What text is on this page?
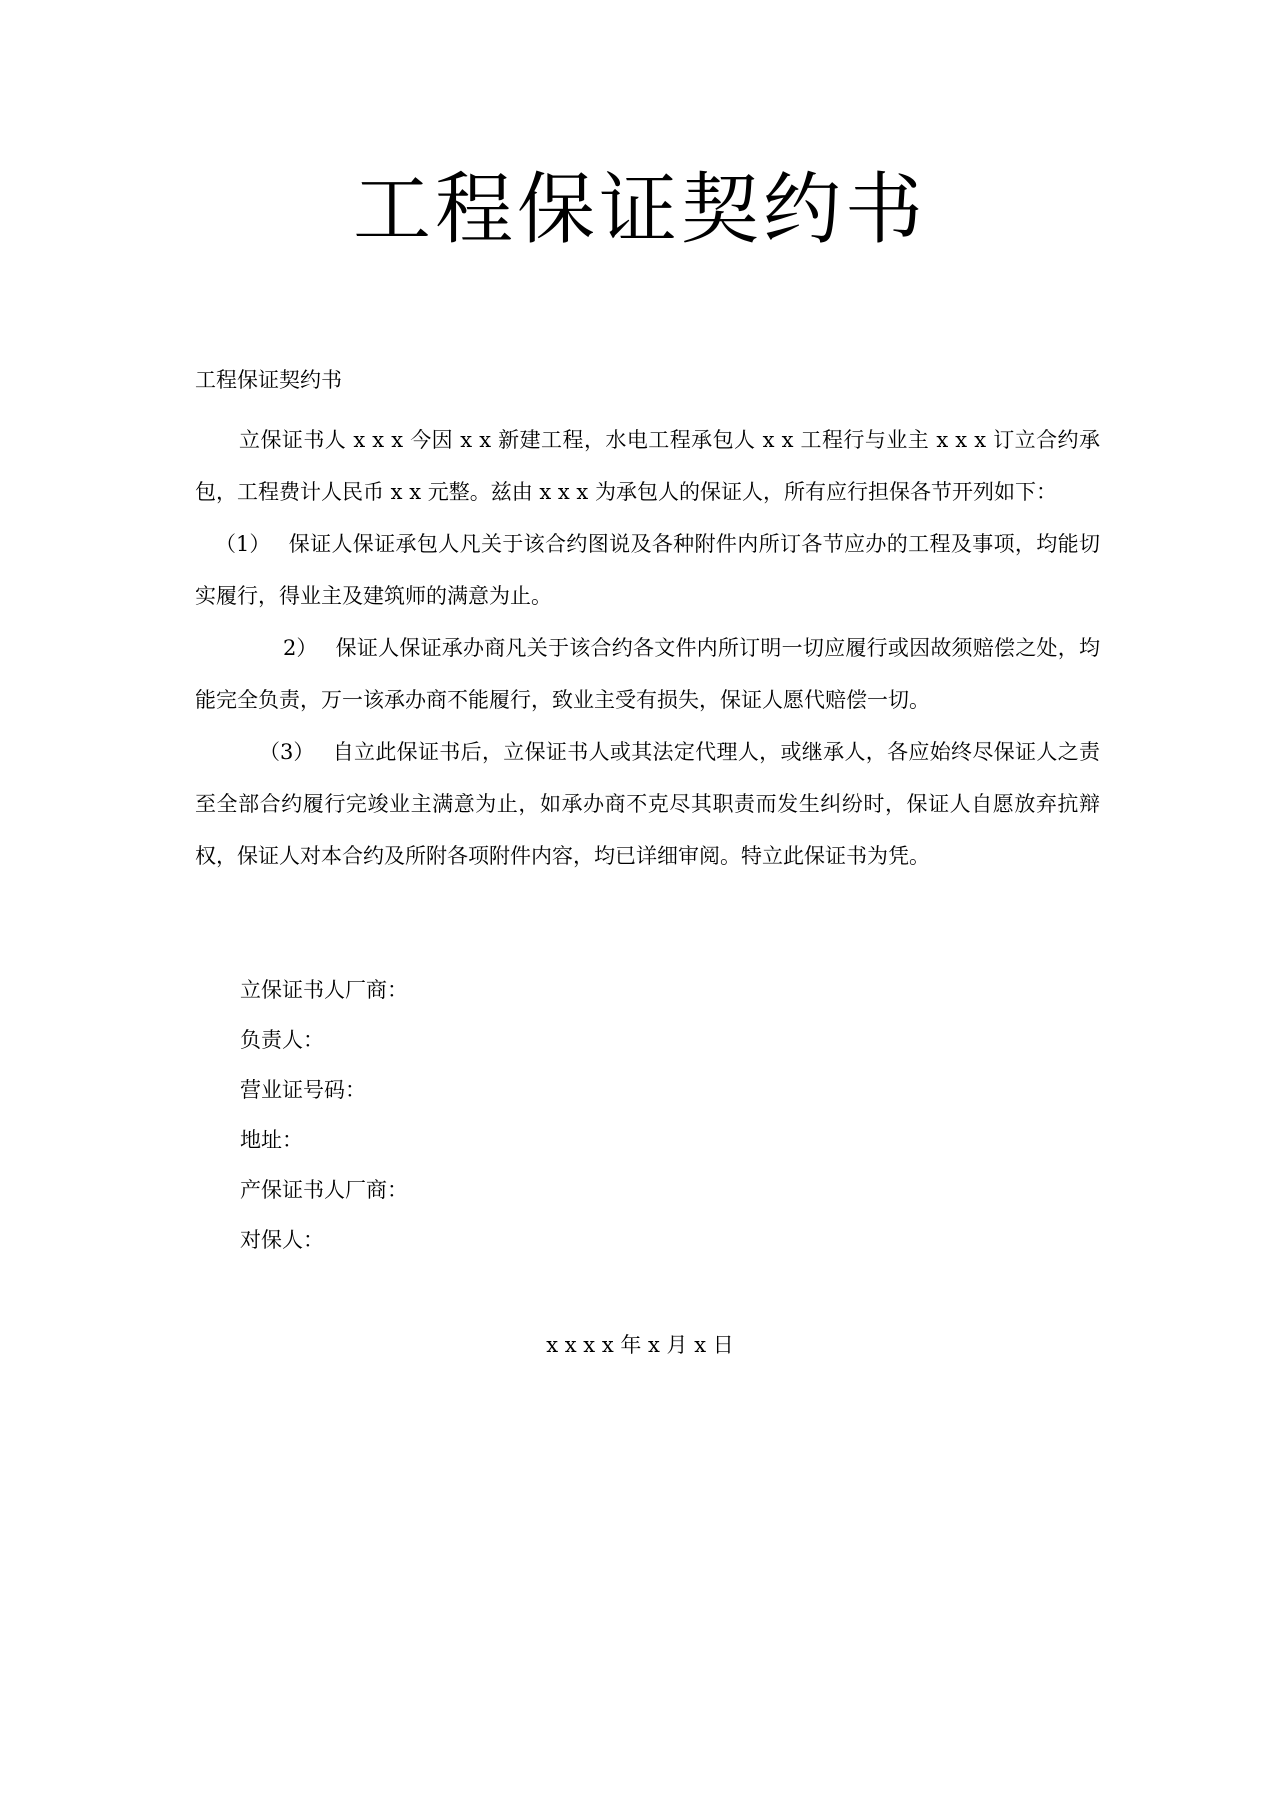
工程保证契约书
工程保证契约书

立保证书人 x x x 今因 x x 新建工程，水电工程承包人 x x 工程行与业主 x x x 订立合约承包，工程费计人民币 x x 元整。兹由 x x x 为承包人的保证人，所有应行担保各节开列如下：

（1） 保证人保证承包人凡关于该合约图说及各种附件内所订各节应办的工程及事项，均能切实履行，得业主及建筑师的满意为止。

2） 保证人保证承办商凡关于该合约各文件内所订明一切应履行或因故须赔偿之处，均能完全负责，万一该承办商不能履行，致业主受有损失，保证人愿代赔偿一切。

（3） 自立此保证书后，立保证书人或其法定代理人，或继承人，各应始终尽保证人之责至全部合约履行完竣业主满意为止，如承办商不克尽其职责而发生纠纷时，保证人自愿放弃抗辩权，保证人对本合约及所附各项附件内容，均已详细审阅。特立此保证书为凭。

立保证书人厂商：
负责人：
营业证号码：
地址：
产保证书人厂商：
对保人：
x x x x 年 x 月 x 日
